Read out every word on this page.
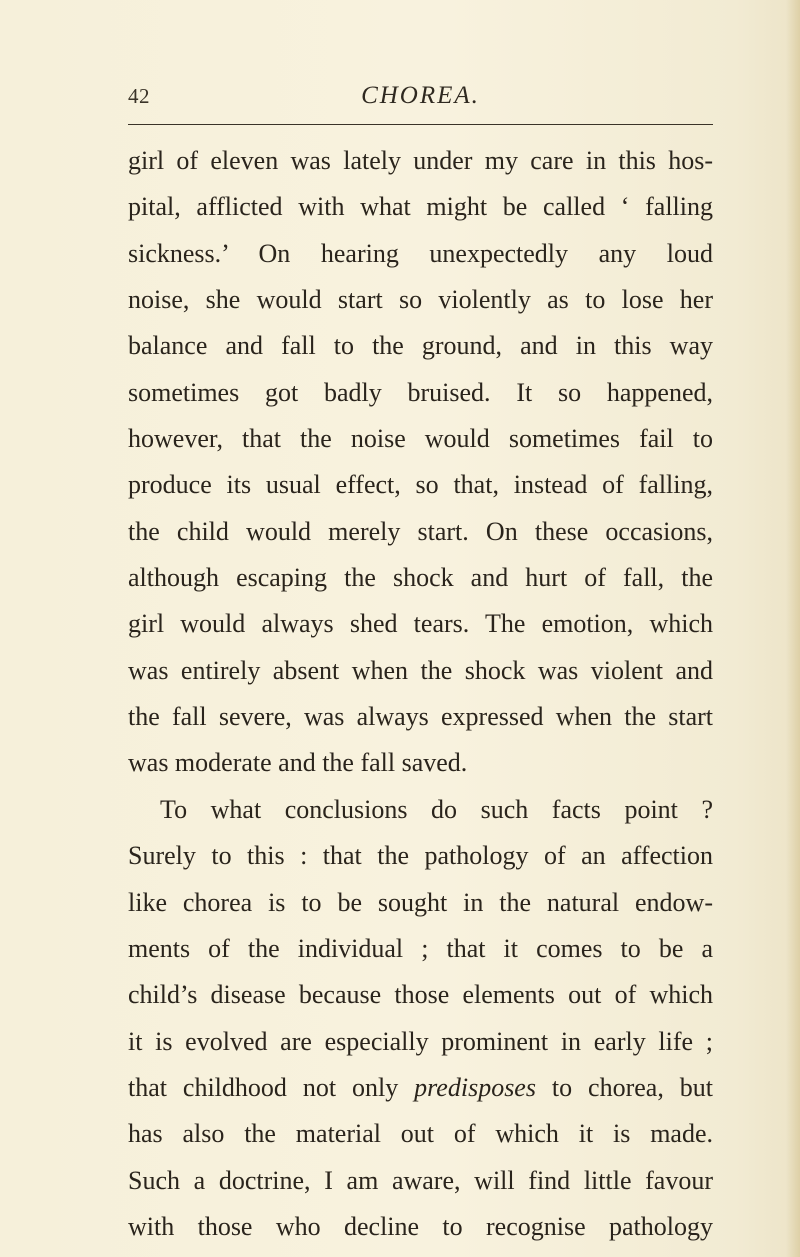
42	CHOREA.
girl of eleven was lately under my care in this hos-
pital, afflicted with what might be called ‘ falling
sickness.’ On hearing unexpectedly any loud
noise, she would start so violently as to lose her
balance and fall to the ground, and in this way
sometimes got badly bruised. It so happened,
however, that the noise would sometimes fail to
produce its usual effect, so that, instead of falling,
the child would merely start. On these occasions,
although escaping the shock and hurt of fall, the
girl would always shed tears. The emotion, which
was entirely absent when the shock was violent and
the fall severe, was always expressed when the start
was moderate and the fall saved.
To what conclusions do such facts point ?
Surely to this : that the pathology of an affection
like chorea is to be sought in the natural endow-
ments of the individual ; that it comes to be a
child’s disease because those elements out of which
it is evolved are especially prominent in early life ;
that childhood not only predisposes to chorea, but
has also the material out of which it is made.
Such a doctrine, I am aware, will find little favour
with those who decline to recognise pathology
